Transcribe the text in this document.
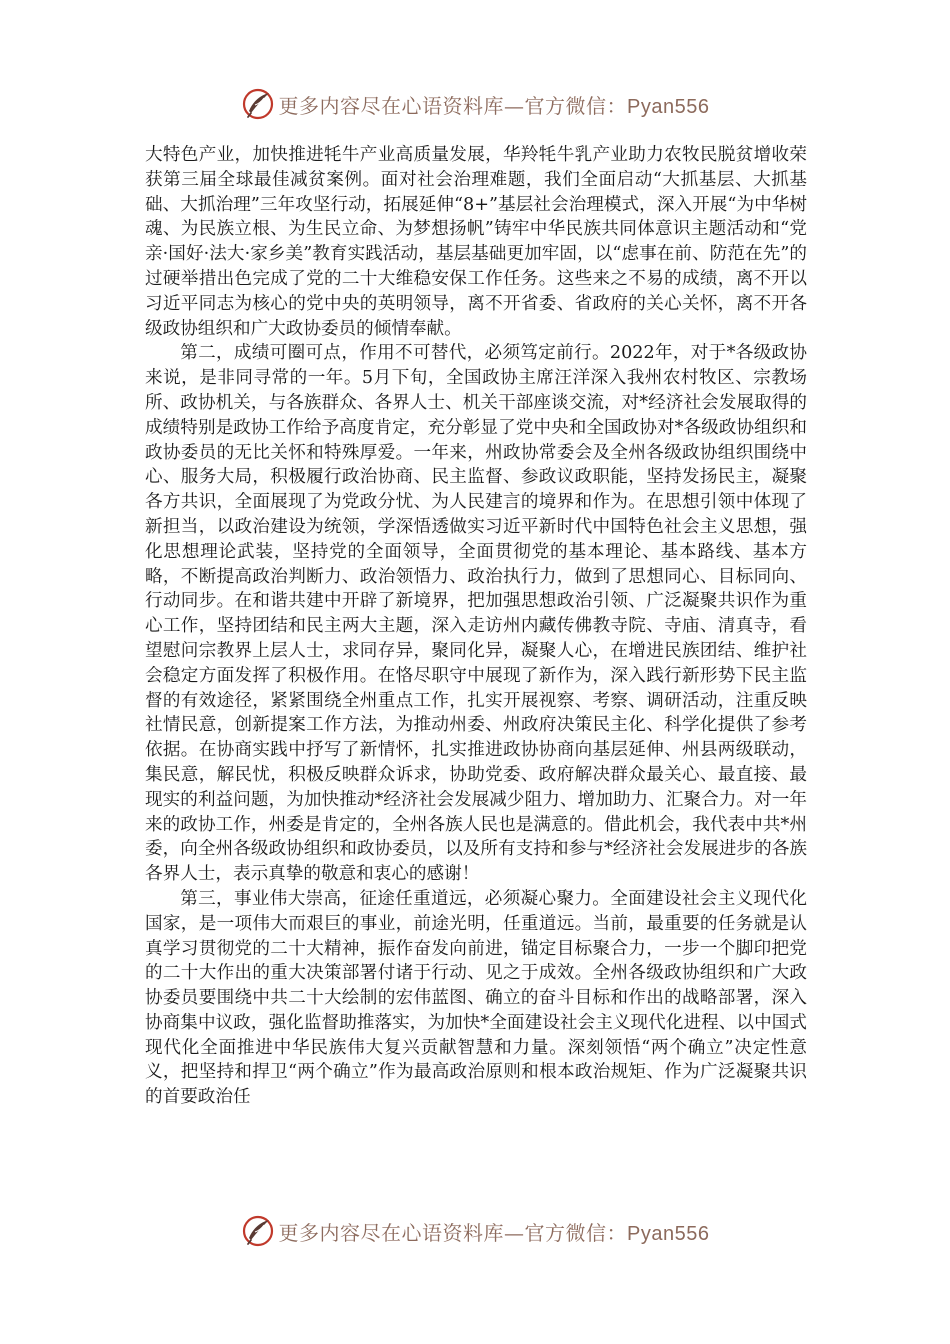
更多内容尽在心语资料库—官方微信：Pyan556

大特色产业，加快推进牦牛产业高质量发展，华羚牦牛乳产业助力农牧民脱贫增收荣获第三届全球最佳减贫案例。面对社会治理难题，我们全面启动“大抓基层、大抓基础、大抓治理”三年攻坚行动，拓展延伸“8+”基层社会治理模式，深入开展“为中华树魂、为民族立根、为生民立命、为梦想扬帆”铸牢中华民族共同体意识主题活动和“党亲·国好·法大·家乡美”教育实践活动，基层基础更加牢固，以“虑事在前、防范在先”的过硬举措出色完成了党的二十大维稳安保工作任务。这些来之不易的成绩，离不开以习近平同志为核心的党中央的英明领导，离不开省委、省政府的关心关怀，离不开各级政协组织和广大政协委员的倾情奉献。

第二，成绩可圈可点，作用不可替代，必须笃定前行。2022年，对于*各级政协来说，是非同寻常的一年。5月下旬，全国政协主席汪洋深入我州农村牧区、宗教场所、政协机关，与各族群众、各界人士、机关干部座谈交流，对*经济社会发展取得的成绩特别是政协工作给予高度肯定，充分彰显了党中央和全国政协对*各级政协组织和政协委员的无比关怀和特殊厚爱。一年来，州政协常委会及全州各级政协组织围绕中心、服务大局，积极履行政治协商、民主监督、参政议政职能，坚持发扬民主，凝聚各方共识，全面展现了为党政分忧、为人民建言的境界和作为。在思想引领中体现了新担当，以政治建设为统领，学深悟透做实习近平新时代中国特色社会主义思想，强化思想理论武装，坚持党的全面领导，全面贯彻党的基本理论、基本路线、基本方略，不断提高政治判断力、政治领悟力、政治执行力，做到了思想同心、目标同向、行动同步。在和谐共建中开辟了新境界，把加强思想政治引领、广泛凝聚共识作为重心工作，坚持团结和民主两大主题，深入走访州内藏传佛教寺院、寺庙、清真寺，看望慰问宗教界上层人士，求同存异，聚同化异，凝聚人心，在增进民族团结、维护社会稳定方面发挥了积极作用。在恪尽职守中展现了新作为，深入践行新形势下民主监督的有效途径，紧紧围绕全州重点工作，扎实开展视察、考察、调研活动，注重反映社情民意，创新提案工作方法，为推动州委、州政府决策民主化、科学化提供了参考依据。在协商实践中抒写了新情怀，扎实推进政协协商向基层延伸、州县两级联动，集民意，解民忧，积极反映群众诉求，协助党委、政府解决群众最关心、最直接、最现实的利益问题，为加快推动*经济社会发展减少阻力、增加助力、汇聚合力。对一年来的政协工作，州委是肯定的，全州各族人民也是满意的。借此机会，我代表中共*州委，向全州各级政协组织和政协委员，以及所有支持和参与*经济社会发展进步的各族各界人士，表示真挚的敬意和衷心的感谢！

第三，事业伟大崇高，征途任重道远，必须凝心聚力。全面建设社会主义现代化国家，是一项伟大而艰巨的事业，前途光明，任重道远。当前，最重要的任务就是认真学习贯彻党的二十大精神，振作奋发向前进，锚定目标聚合力，一步一个脚印把党的二十大作出的重大决策部署付诸于行动、见之于成效。全州各级政协组织和广大政协委员要围绕中共二十大绘制的宏伟蓝图、确立的奋斗目标和作出的战略部署，深入协商集中议政，强化监督助推落实，为加快*全面建设社会主义现代化进程、以中国式现代化全面推进中华民族伟大复兴贡献智慧和力量。深刻领悟“两个确立”决定性意义，把坚持和捍卫“两个确立”作为最高政治原则和根本政治规矩、作为广泛凝聚共识的首要政治任

更多内容尽在心语资料库—官方微信：Pyan556
